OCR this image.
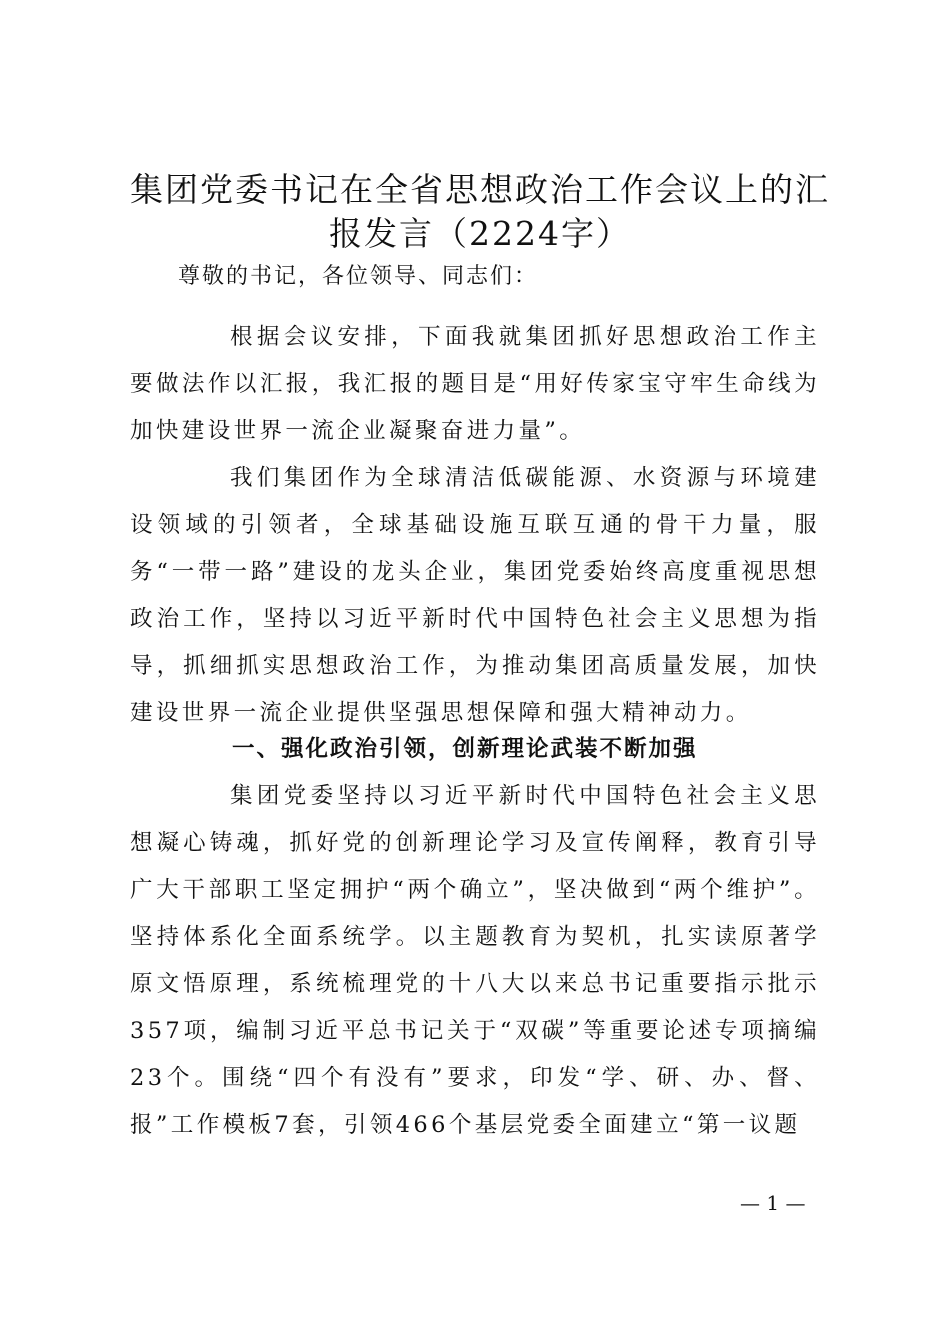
集团党委书记在全省思想政治工作会议上的汇
报发言（2224字）
尊敬的书记，各位领导、同志们：

根据会议安排，下面我就集团抓好思想政治工作主要做法作以汇报，我汇报的题目是“用好传家宝守牢生命线为加快建设世界一流企业凝聚奋进力量”。

我们集团作为全球清洁低碳能源、水资源与环境建设领域的引领者，全球基础设施互联互通的骨干力量，服务“一带一路”建设的龙头企业，集团党委始终高度重视思想政治工作，坚持以习近平新时代中国特色社会主义思想为指导，抓细抓实思想政治工作，为推动集团高质量发展，加快建设世界一流企业提供坚强思想保障和强大精神动力。

一、强化政治引领，创新理论武装不断加强

集团党委坚持以习近平新时代中国特色社会主义思想凝心铸魂，抓好党的创新理论学习及宣传阐释，教育引导广大干部职工坚定拥护“两个确立”，坚决做到“两个维护”。坚持体系化全面系统学。以主题教育为契机，扎实读原著学原文悟原理，系统梳理党的十八大以来总书记重要指示批示357项，编制习近平总书记关于“双碳”等重要论述专项摘编23个。围绕“四个有没有”要求，印发“学、研、办、督、报”工作模板7套，引领466个基层党委全面建立“第一议题

— 1 —
